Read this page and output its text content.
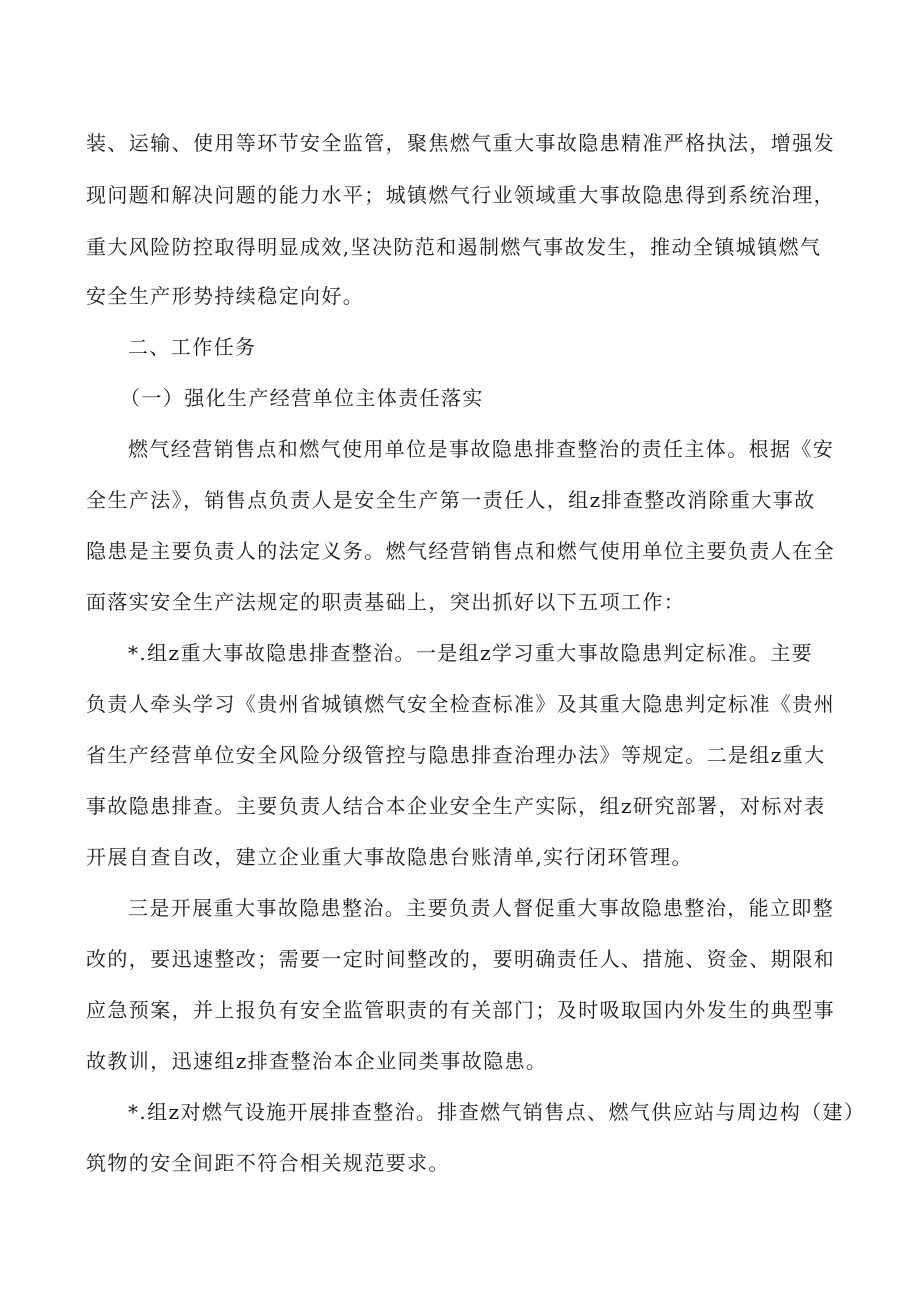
装、运输、使用等环节安全监管，聚焦燃气重大事故隐患精准严格执法，增强发
现问题和解决问题的能力水平；城镇燃气行业领域重大事故隐患得到系统治理，
重大风险防控取得明显成效,坚决防范和遏制燃气事故发生，推动全镇城镇燃气
安全生产形势持续稳定向好。
二、工作任务
（一）强化生产经营单位主体责任落实
燃气经营销售点和燃气使用单位是事故隐患排查整治的责任主体。根据《安
全生产法》，销售点负责人是安全生产第一责任人，组z排查整改消除重大事故
隐患是主要负责人的法定义务。燃气经营销售点和燃气使用单位主要负责人在全
面落实安全生产法规定的职责基础上，突出抓好以下五项工作：
*.组z重大事故隐患排查整治。一是组z学习重大事故隐患判定标准。主要
负责人牵头学习《贵州省城镇燃气安全检查标准》及其重大隐患判定标准《贵州
省生产经营单位安全风险分级管控与隐患排查治理办法》等规定。二是组z重大
事故隐患排查。主要负责人结合本企业安全生产实际，组z研究部署，对标对表
开展自查自改，建立企业重大事故隐患台账清单,实行闭环管理。
三是开展重大事故隐患整治。主要负责人督促重大事故隐患整治，能立即整
改的，要迅速整改；需要一定时间整改的，要明确责任人、措施、资金、期限和
应急预案，并上报负有安全监管职责的有关部门；及时吸取国内外发生的典型事
故教训，迅速组z排查整治本企业同类事故隐患。
*.组z对燃气设施开展排查整治。排查燃气销售点、燃气供应站与周边构（建）
筑物的安全间距不符合相关规范要求。
